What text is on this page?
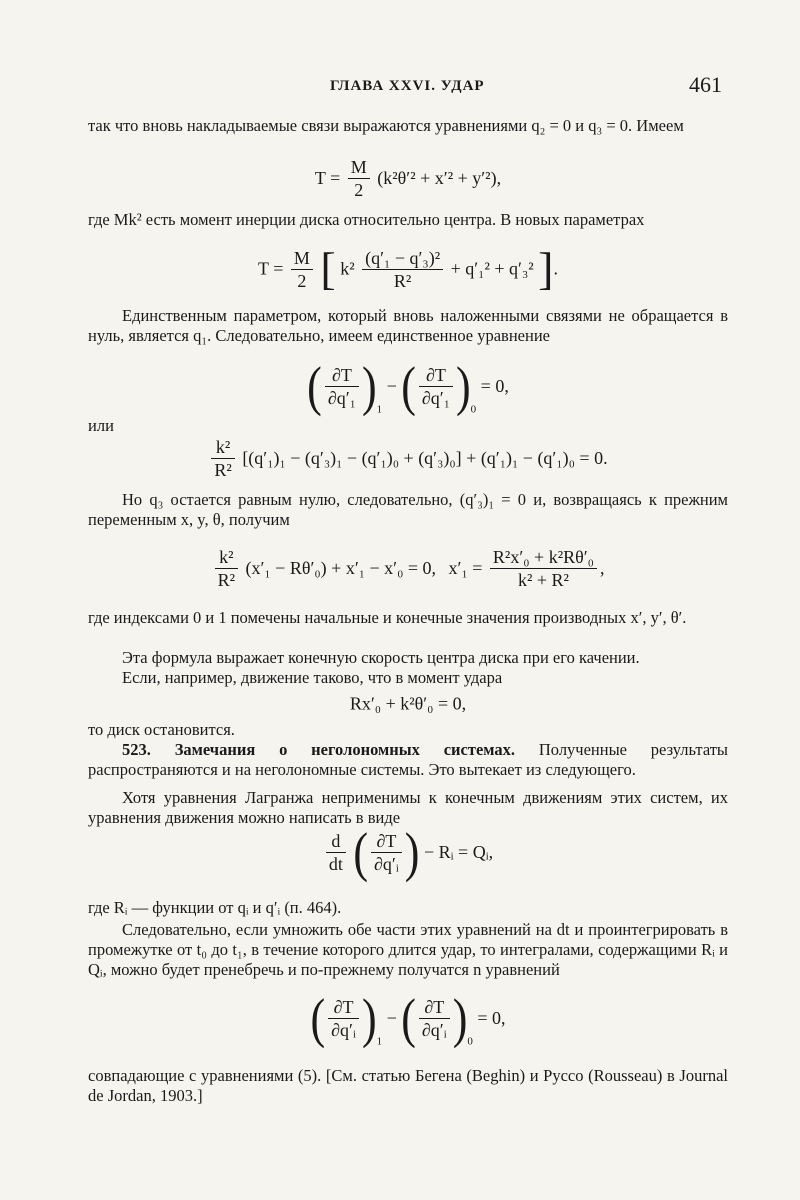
ГЛАВА XXVI. УДАР	461
так что вновь накладываемые связи выражаются уравнениями q₂ = 0 и q₃ = 0. Имеем
$T = \frac{M}{2} (k^2\theta'^2 + x'^2 + y'^2)$,
где Mk² есть момент инерции диска относительно центра. В новых параметрах
$T = \frac{M}{2}$ [ $k^2 \frac{\text{(q′₁ − q′₃)²}}{\text{R²}} + q'_1^2 + q'_3^2$ ].
Единственным параметром, который вновь наложенными связями не обращается в нуль, является q₁. Следовательно, имеем единственное уравнение
( $\frac{\partial T}{\text{∂q′₁}} )_1$ − ( $\frac{\partial T}{\text{∂q′₁}} )_0 = 0$,
или
$\frac{\text{k²}}{\text{R²}} [(q'_1)_1 - (q'_3)_1 - (q'_1)_0 + (q'_3)_0] + (q'_1)_1 - (q'_1)_0 = 0$.
Но q₃ остается равным нулю, следовательно, (q′₃)₁ = 0 и, возвращаясь к прежним переменным x, y, θ, получим
$\frac{\text{k²}}{\text{R²}} (x'_1 - R\theta'_0) + x'_1 - x'_0 = 0$, $x'_1 = \frac{\text{R²x′₀ + k²Rθ′₀}}{\text{k² + R²}}$ ,
где индексами 0 и 1 помечены начальные и конечные значения производных x′, y′, θ′.
Эта формула выражает конечную скорость центра диска при его качении.
Если, например, движение таково, что в момент удара
Rx′₀ + k²θ′₀ = 0,
то диск остановится.
523. Замечания о неголономных системах. Полученные результаты распространяются и на неголономные системы. Это вытекает из следующего.
Хотя уравнения Лагранжа неприменимы к конечным движениям этих систем, их уравнения движения можно написать в виде
$\frac{d}{dt}$ ( $\frac{\partial T}{\text{∂q′ᵢ}}$ ) − Rᵢ = Qᵢ,
где Rᵢ — функции от qᵢ и q′ᵢ (п. 464).
Следовательно, если умножить обе части этих уравнений на dt и проинтегрировать в промежутке от t₀ до t₁, в течение которого длится удар, то интегралами, содержащими Rᵢ и Qᵢ, можно будет пренебречь и по-прежнему получатся n уравнений
( $\frac{\partial T}{\text{∂q′ᵢ}} )_1$ − ( $\frac{\partial T}{\text{∂q′ᵢ}} )_0 = 0$,
совпадающие с уравнениями (5). [См. статью Бегена (Beghin) и Руссо (Rousseau) в Journal de Jordan, 1903.]
